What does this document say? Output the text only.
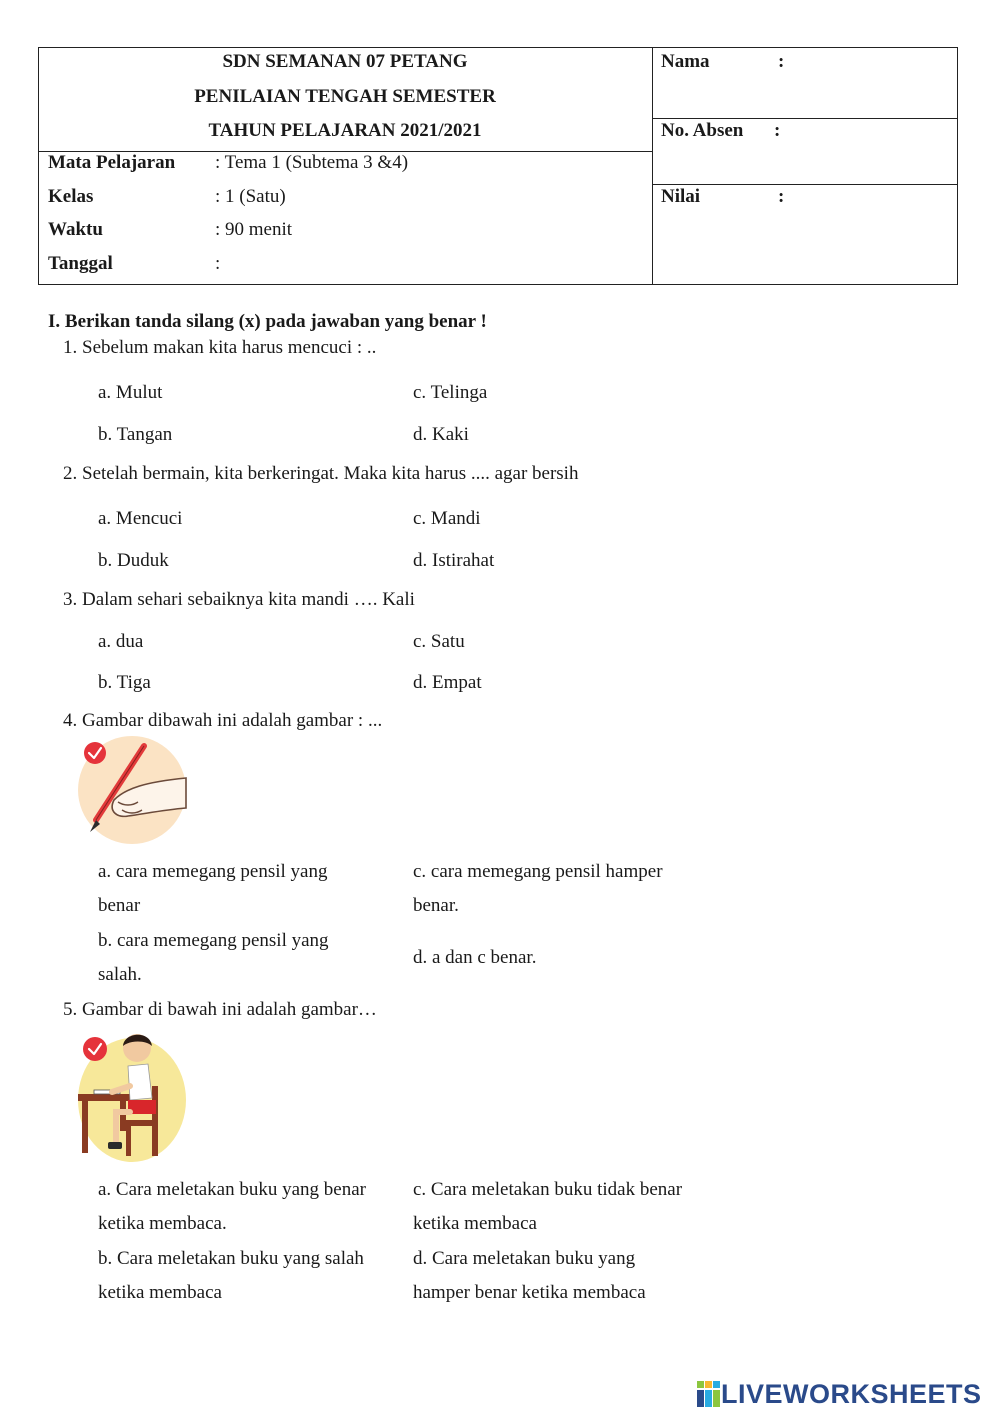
SDN SEMANAN 07 PETANG
PENILAIAN TENGAH SEMESTER
TAHUN PELAJARAN 2021/2021
Mata Pelajaran : Tema 1 (Subtema 3 &4)
Kelas	: 1 (Satu)
Waktu	: 90 menit
Tanggal	:
Nama	:
No. Absen :
Nilai	:
I. Berikan tanda silang (x) pada jawaban yang benar !
1. Sebelum makan kita harus mencuci : ..
a. Mulut	c. Telinga
b. Tangan	d. Kaki
2. Setelah bermain, kita berkeringat. Maka kita harus .... agar bersih
a. Mencuci	c. Mandi
b. Duduk	d. Istirahat
3. Dalam sehari sebaiknya kita mandi …. Kali
a. dua	c. Satu
b. Tiga	d. Empat
4. Gambar dibawah ini adalah gambar : ...
a. cara memegang pensil yang
benar
c. cara memegang pensil hamper
benar.
b. cara memegang pensil yang
salah.
d. a dan c benar.
5. Gambar di bawah ini adalah gambar…
a. Cara meletakan buku yang benar
ketika membaca.
c. Cara meletakan buku tidak benar
ketika membaca
b. Cara meletakan buku yang salah
ketika membaca
d. Cara meletakan buku yang
hamper benar ketika membaca
LIVEWORKSHEETS
